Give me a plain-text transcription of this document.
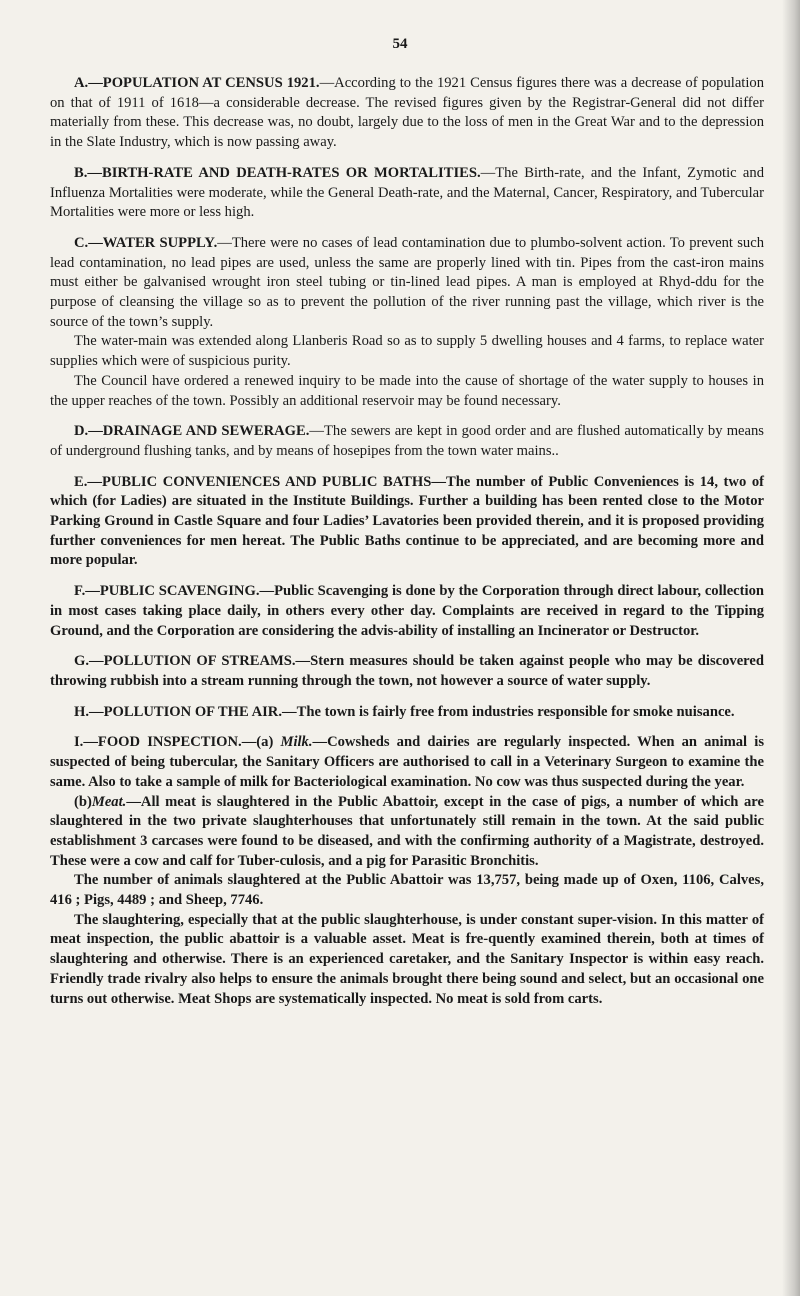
54

A.—POPULATION AT CENSUS 1921.—According to the 1921 Census figures there was a decrease of population on that of 1911 of 1618—a considerable decrease. The revised figures given by the Registrar-General did not differ materially from these. This decrease was, no doubt, largely due to the loss of men in the Great War and to the depression in the Slate Industry, which is now passing away.

B.—BIRTH-RATE AND DEATH-RATES OR MORTALITIES.—The Birth-rate, and the Infant, Zymotic and Influenza Mortalities were moderate, while the General Death-rate, and the Maternal, Cancer, Respiratory, and Tubercular Mortalities were more or less high.

C.—WATER SUPPLY.—There were no cases of lead contamination due to plumbo-solvent action. To prevent such lead contamination, no lead pipes are used, unless the same are properly lined with tin. Pipes from the cast-iron mains must either be galvanised wrought iron steel tubing or tin-lined lead pipes. A man is employed at Rhyd-ddu for the purpose of cleansing the village so as to prevent the pollution of the river running past the village, which river is the source of the town’s supply.

The water-main was extended along Llanberis Road so as to supply 5 dwelling houses and 4 farms, to replace water supplies which were of suspicious purity.

The Council have ordered a renewed inquiry to be made into the cause of shortage of the water supply to houses in the upper reaches of the town. Possibly an additional reservoir may be found necessary.

D.—DRAINAGE AND SEWERAGE.—The sewers are kept in good order and are flushed automatically by means of underground flushing tanks, and by means of hosepipes from the town water mains..

E.—PUBLIC CONVENIENCES AND PUBLIC BATHS—The number of Public Conveniences is 14, two of which (for Ladies) are situated in the Institute Buildings. Further a building has been rented close to the Motor Parking Ground in Castle Square and four Ladies’ Lavatories been provided therein, and it is proposed providing further conveniences for men hereat. The Public Baths continue to be appreciated, and are becoming more and more popular.

F.—PUBLIC SCAVENGING.—Public Scavenging is done by the Corporation through direct labour, collection in most cases taking place daily, in others every other day. Complaints are received in regard to the Tipping Ground, and the Corporation are considering the advis-ability of installing an Incinerator or Destructor.

G.—POLLUTION OF STREAMS.—Stern measures should be taken against people who may be discovered throwing rubbish into a stream running through the town, not however a source of water supply.

H.—POLLUTION OF THE AIR.—The town is fairly free from industries responsible for smoke nuisance.

I.—FOOD INSPECTION.—(a) Milk.—Cowsheds and dairies are regularly inspected. When an animal is suspected of being tubercular, the Sanitary Officers are authorised to call in a Veterinary Surgeon to examine the same. Also to take a sample of milk for Bacteriological examination. No cow was thus suspected during the year.

(b)Meat.—All meat is slaughtered in the Public Abattoir, except in the case of pigs, a number of which are slaughtered in the two private slaughterhouses that unfortunately still remain in the town. At the said public establishment 3 carcases were found to be diseased, and with the confirming authority of a Magistrate, destroyed. These were a cow and calf for Tuber-culosis, and a pig for Parasitic Bronchitis.

The number of animals slaughtered at the Public Abattoir was 13,757, being made up of Oxen, 1106, Calves, 416 ; Pigs, 4489 ; and Sheep, 7746.

The slaughtering, especially that at the public slaughterhouse, is under constant super-vision. In this matter of meat inspection, the public abattoir is a valuable asset. Meat is fre-quently examined therein, both at times of slaughtering and otherwise. There is an experienced caretaker, and the Sanitary Inspector is within easy reach. Friendly trade rivalry also helps to ensure the animals brought there being sound and select, but an occasional one turns out otherwise. Meat Shops are systematically inspected. No meat is sold from carts.
